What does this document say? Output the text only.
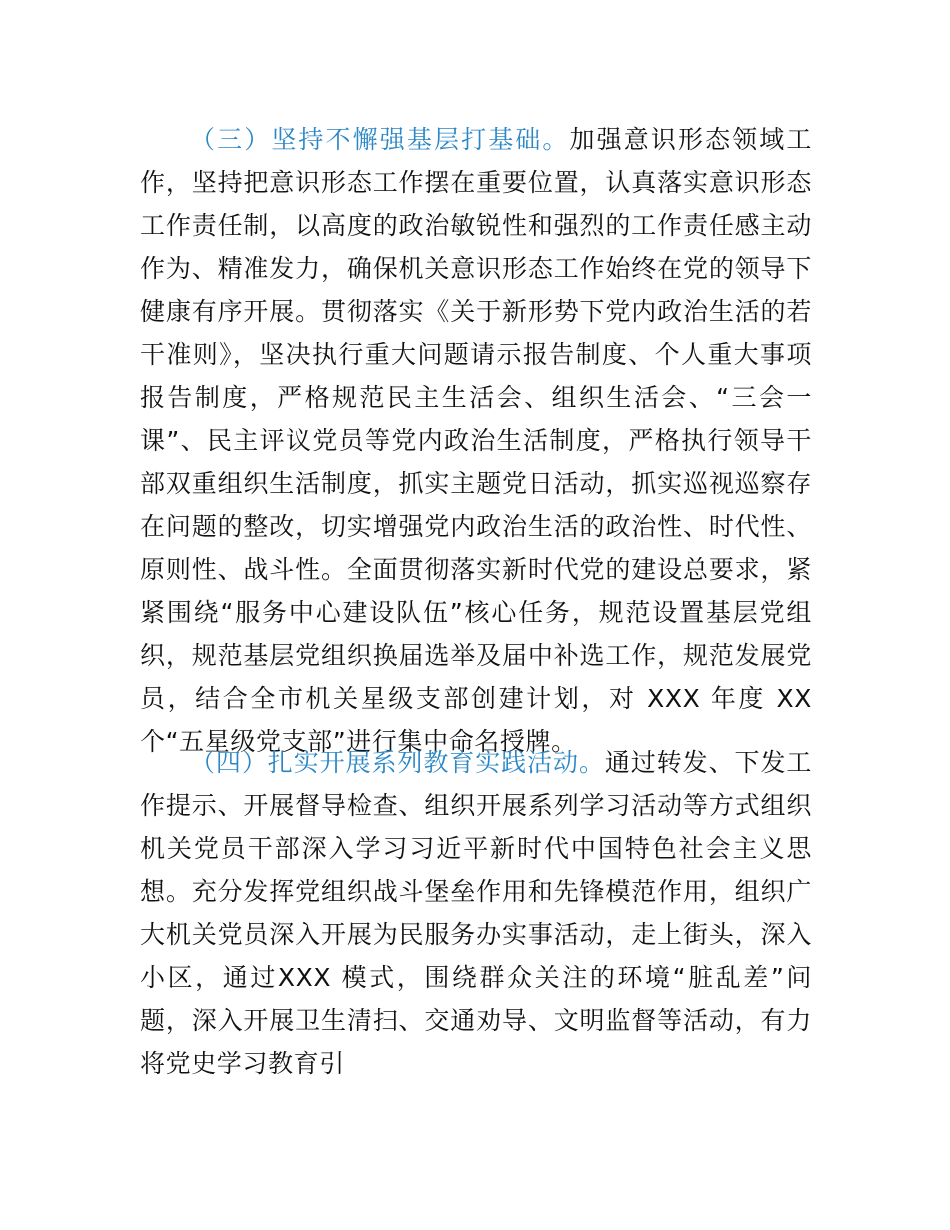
（三）坚持不懈强基层打基础。加强意识形态领域工作，坚持把意识形态工作摆在重要位置，认真落实意识形态工作责任制，以高度的政治敏锐性和强烈的工作责任感主动作为、精准发力，确保机关意识形态工作始终在党的领导下健康有序开展。贯彻落实《关于新形势下党内政治生活的若干准则》，坚决执行重大问题请示报告制度、个人重大事项报告制度，严格规范民主生活会、组织生活会、“三会一课”、民主评议党员等党内政治生活制度，严格执行领导干部双重组织生活制度，抓实主题党日活动，抓实巡视巡察存在问题的整改，切实增强党内政治生活的政治性、时代性、原则性、战斗性。全面贯彻落实新时代党的建设总要求，紧紧围绕“服务中心建设队伍”核心任务，规范设置基层党组织，规范基层党组织换届选举及届中补选工作，规范发展党员，结合全市机关星级支部创建计划，对 XXX 年度 XX 个“五星级党支部”进行集中命名授牌。

（四）扎实开展系列教育实践活动。通过转发、下发工作提示、开展督导检查、组织开展系列学习活动等方式组织机关党员干部深入学习习近平新时代中国特色社会主义思想。充分发挥党组织战斗堡垒作用和先锋模范作用，组织广大机关党员深入开展为民服务办实事活动，走上街头，深入小区，通过XXX 模式，围绕群众关注的环境“脏乱差”问题，深入开展卫生清扫、交通劝导、文明监督等活动，有力将党史学习教育引
